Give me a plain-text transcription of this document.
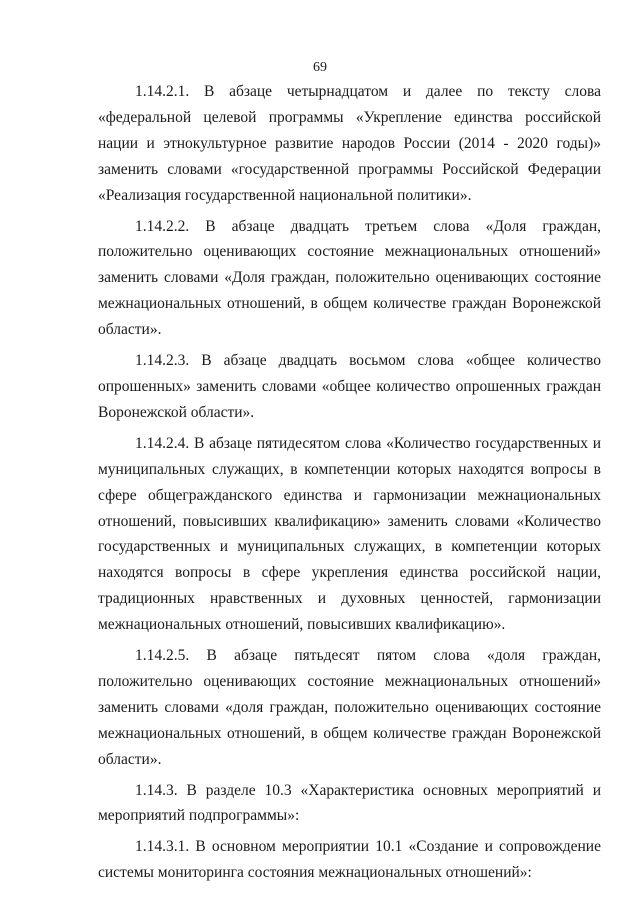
69

1.14.2.1. В абзаце четырнадцатом и далее по тексту слова «федеральной целевой программы «Укрепление единства российской нации и этнокультурное развитие народов России (2014 - 2020 годы)» заменить словами «государственной программы Российской Федерации «Реализация государственной национальной политики».

1.14.2.2. В абзаце двадцать третьем слова «Доля граждан, положительно оценивающих состояние межнациональных отношений» заменить словами «Доля граждан, положительно оценивающих состояние межнациональных отношений, в общем количестве граждан Воронежской области».

1.14.2.3. В абзаце двадцать восьмом слова «общее количество опрошенных» заменить словами «общее количество опрошенных граждан Воронежской области».

1.14.2.4. В абзаце пятидесятом слова «Количество государственных и муниципальных служащих, в компетенции которых находятся вопросы в сфере общегражданского единства и гармонизации межнациональных отношений, повысивших квалификацию» заменить словами «Количество государственных и муниципальных служащих, в компетенции которых находятся вопросы в сфере укрепления единства российской нации, традиционных нравственных и духовных ценностей, гармонизации межнациональных отношений, повысивших квалификацию».

1.14.2.5. В абзаце пятьдесят пятом слова «доля граждан, положительно оценивающих состояние межнациональных отношений» заменить словами «доля граждан, положительно оценивающих состояние межнациональных отношений, в общем количестве граждан Воронежской области».

1.14.3. В разделе 10.3 «Характеристика основных мероприятий и мероприятий подпрограммы»:

1.14.3.1. В основном мероприятии 10.1 «Создание и сопровождение системы мониторинга состояния межнациональных отношений»:
